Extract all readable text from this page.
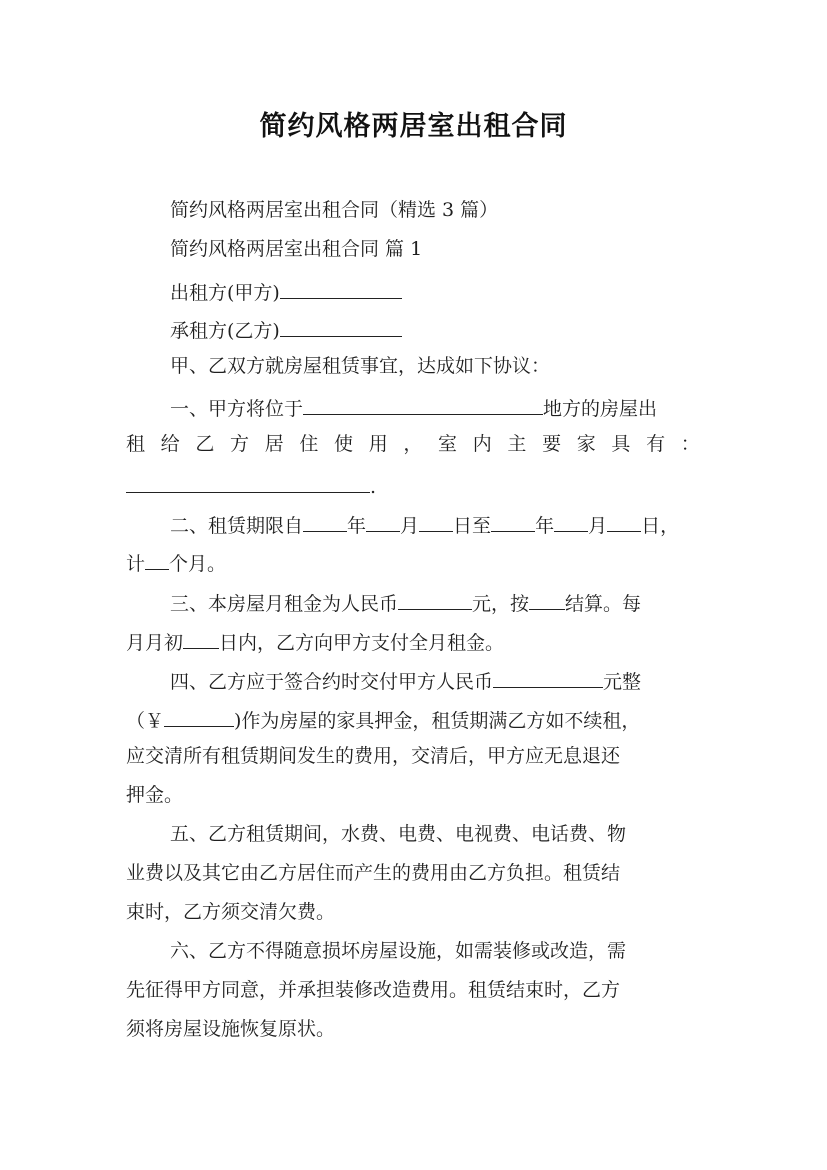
简约风格两居室出租合同
简约风格两居室出租合同（精选 3 篇）
简约风格两居室出租合同 篇 1
出租方(甲方)
承租方(乙方)
甲、乙双方就房屋租赁事宜，达成如下协议：
一、甲方将位于	地方的房屋出
租 给 乙 方 居 住 使 用 ， 室 内 主 要 家 具 有 ：
.
二、租赁期限自 年 月 日至 年 月 日，
计 个月。
三、本房屋月租金为人民币	元，按 结算。每
月月初 日内，乙方向甲方支付全月租金。
四、乙方应于签合约时交付甲方人民币	元整
（￥	)作为房屋的家具押金，租赁期满乙方如不续租，
应交清所有租赁期间发生的费用，交清后，甲方应无息退还
押金。
五、乙方租赁期间，水费、电费、电视费、电话费、物
业费以及其它由乙方居住而产生的费用由乙方负担。租赁结
束时，乙方须交清欠费。
六、乙方不得随意损坏房屋设施，如需装修或改造，需
先征得甲方同意，并承担装修改造费用。租赁结束时，乙方
须将房屋设施恢复原状。
